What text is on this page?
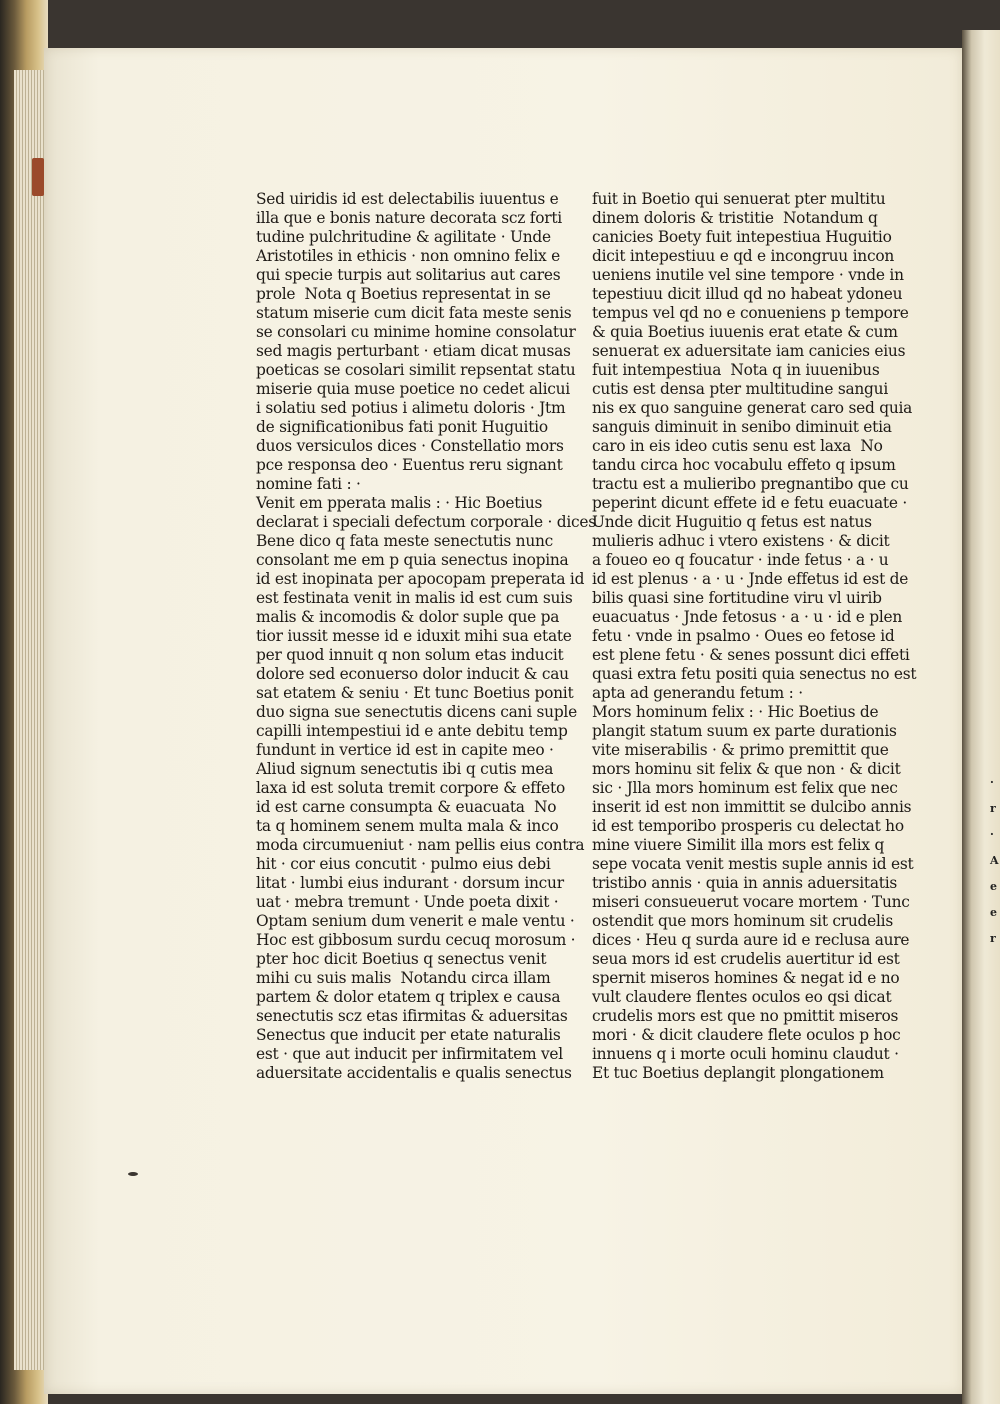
· r · A e e r
Sed uiridis id est delectabilis iuuentus e
illa que e bonis nature decorata scz forti
tudine pulchritudine & agilitate · Unde
Aristotiles in ethicis · non omnino felix e
qui specie turpis aut solitarius aut cares
prole  Nota q Boetius representat in se
statum miserie cum dicit fata meste senis
se consolari cu minime homine consolatur
sed magis perturbant · etiam dicat musas
poeticas se cosolari similit repsentat statu
miserie quia muse poetice no cedet alicui
i solatiu sed potius i alimetu doloris · Jtm
de significationibus fati ponit Huguitio
duos versiculos dices · Constellatio mors
pce responsa deo · Euentus reru signant
nomine fati : ·
Venit em pperata malis : · Hic Boetius
declarat i speciali defectum corporale · dices
Bene dico q fata meste senectutis nunc
consolant me em p quia senectus inopina
id est inopinata per apocopam preperata id
est festinata venit in malis id est cum suis
malis & incomodis & dolor suple que pa
tior iussit messe id e iduxit mihi sua etate
per quod innuit q non solum etas inducit
dolore sed econuerso dolor inducit & cau
sat etatem & seniu · Et tunc Boetius ponit
duo signa sue senectutis dicens cani suple
capilli intempestiui id e ante debitu temp
fundunt in vertice id est in capite meo ·
Aliud signum senectutis ibi q cutis mea
laxa id est soluta tremit corpore & effeto
id est carne consumpta & euacuata  No
ta q hominem senem multa mala & inco
moda circumueniut · nam pellis eius contra
hit · cor eius concutit · pulmo eius debi
litat · lumbi eius indurant · dorsum incur
uat · mebra tremunt · Unde poeta dixit ·
Optam senium dum venerit e male ventu ·
Hoc est gibbosum surdu cecuq morosum ·
pter hoc dicit Boetius q senectus venit
mihi cu suis malis  Notandu circa illam
partem & dolor etatem q triplex e causa
senectutis scz etas ifirmitas & aduersitas
Senectus que inducit per etate naturalis
est · que aut inducit per infirmitatem vel
aduersitate accidentalis e qualis senectus
fuit in Boetio qui senuerat pter multitu
dinem doloris & tristitie  Notandum q
canicies Boety fuit intepestiua Huguitio
dicit intepestiuu e qd e incongruu incon
ueniens inutile vel sine tempore · vnde in
tepestiuu dicit illud qd no habeat ydoneu
tempus vel qd no e conueniens p tempore
& quia Boetius iuuenis erat etate & cum
senuerat ex aduersitate iam canicies eius
fuit intempestiua  Nota q in iuuenibus
cutis est densa pter multitudine sangui
nis ex quo sanguine generat caro sed quia
sanguis diminuit in senibo diminuit etia
caro in eis ideo cutis senu est laxa  No
tandu circa hoc vocabulu effeto q ipsum
tractu est a mulieribo pregnantibo que cu
peperint dicunt effete id e fetu euacuate ·
Unde dicit Huguitio q fetus est natus
mulieris adhuc i vtero existens · & dicit
a foueo eo q foucatur · inde fetus · a · u
id est plenus · a · u · Jnde effetus id est de
bilis quasi sine fortitudine viru vl uirib
euacuatus · Jnde fetosus · a · u · id e plen
fetu · vnde in psalmo · Oues eo fetose id
est plene fetu · & senes possunt dici effeti
quasi extra fetu positi quia senectus no est
apta ad generandu fetum : ·
Mors hominum felix : · Hic Boetius de
plangit statum suum ex parte durationis
vite miserabilis · & primo premittit que
mors hominu sit felix & que non · & dicit
sic · Jlla mors hominum est felix que nec
inserit id est non immittit se dulcibo annis
id est temporibo prosperis cu delectat ho
mine viuere Similit illa mors est felix q
sepe vocata venit mestis suple annis id est
tristibo annis · quia in annis aduersitatis
miseri consueuerut vocare mortem · Tunc
ostendit que mors hominum sit crudelis
dices · Heu q surda aure id e reclusa aure
seua mors id est crudelis auertitur id est
spernit miseros homines & negat id e no
vult claudere flentes oculos eo qsi dicat
crudelis mors est que no pmittit miseros
mori · & dicit claudere flete oculos p hoc
innuens q i morte oculi hominu claudut ·
Et tuc Boetius deplangit plongationem
